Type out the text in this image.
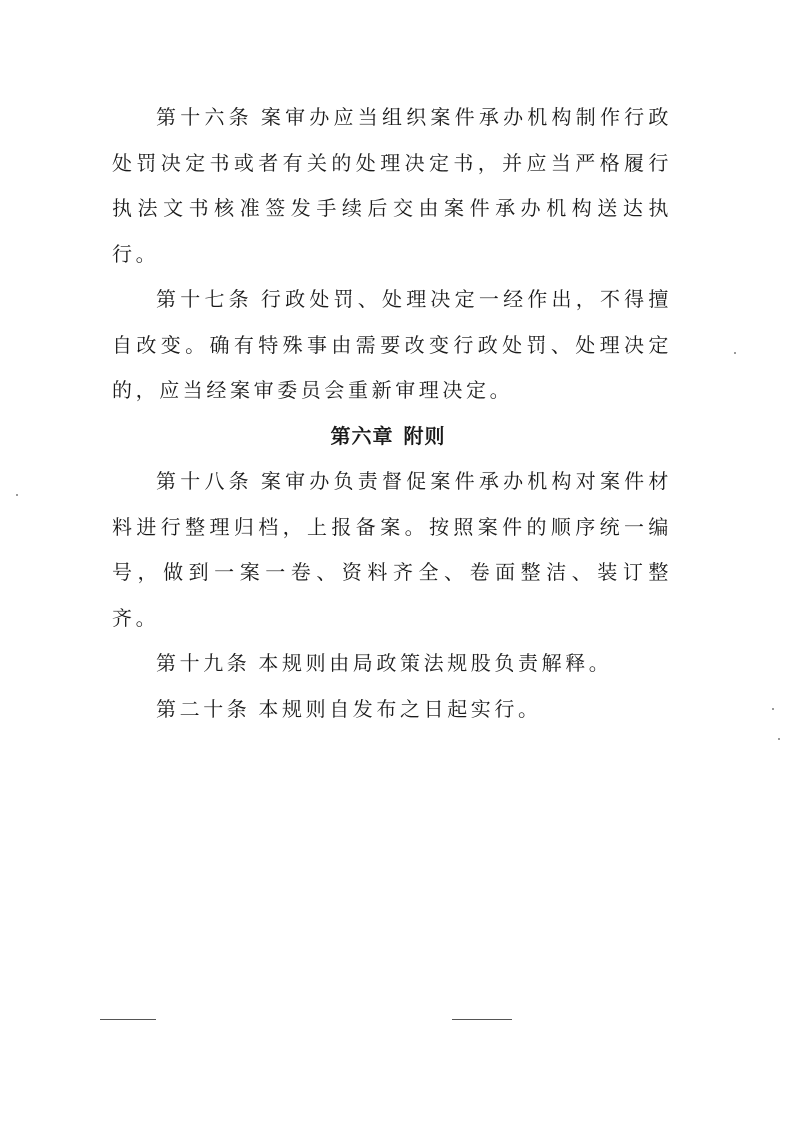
第十六条 案审办应当组织案件承办机构制作行政处罚决定书或者有关的处理决定书，并应当严格履行执法文书核准签发手续后交由案件承办机构送达执行。

第十七条 行政处罚、处理决定一经作出，不得擅自改变。确有特殊事由需要改变行政处罚、处理决定的，应当经案审委员会重新审理决定。

第六章 附则

第十八条 案审办负责督促案件承办机构对案件材料进行整理归档，上报备案。按照案件的顺序统一编号，做到一案一卷、资料齐全、卷面整洁、装订整齐。

第十九条 本规则由局政策法规股负责解释。

第二十条 本规则自发布之日起实行。
